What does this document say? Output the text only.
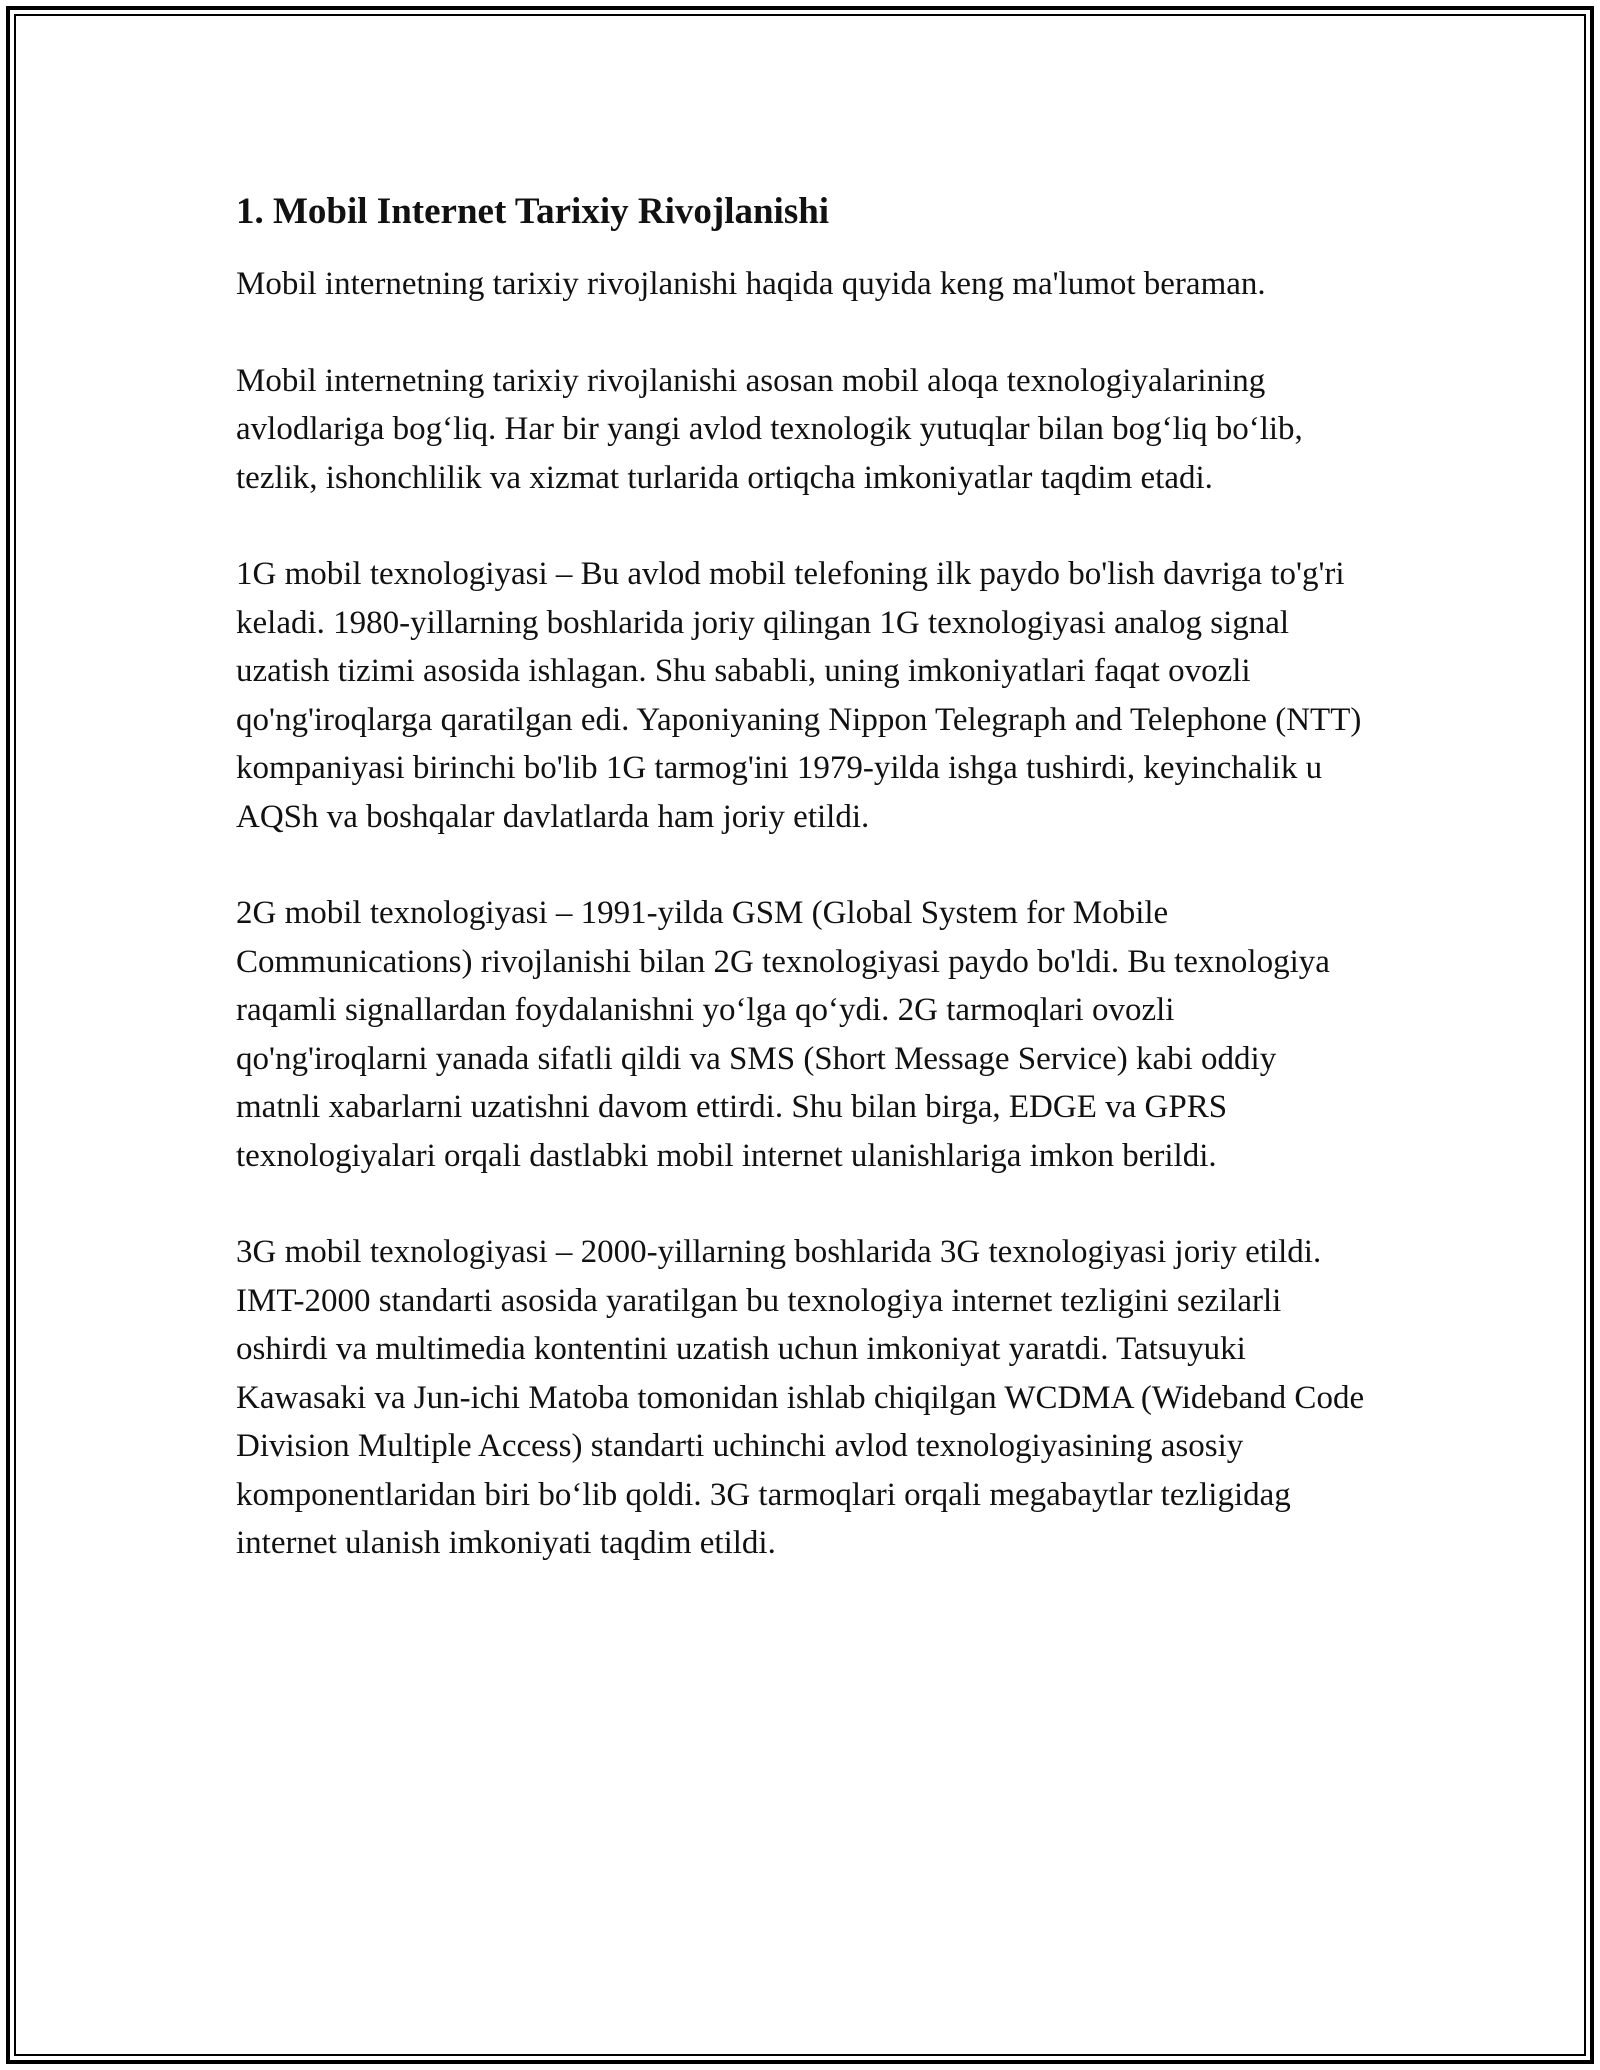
1. Mobil Internet Tarixiy Rivojlanishi

Mobil internetning tarixiy rivojlanishi haqida quyida keng ma'lumot beraman.

Mobil internetning tarixiy rivojlanishi asosan mobil aloqa texnologiyalarining avlodlariga bog‘liq. Har bir yangi avlod texnologik yutuqlar bilan bog‘liq bo‘lib, tezlik, ishonchlilik va xizmat turlarida ortiqcha imkoniyatlar taqdim etadi.

1G mobil texnologiyasi – Bu avlod mobil telefoning ilk paydo bo'lish davriga to'g'ri keladi. 1980-yillarning boshlarida joriy qilingan 1G texnologiyasi analog signal uzatish tizimi asosida ishlagan. Shu sababli, uning imkoniyatlari faqat ovozli qo'ng'iroqlarga qaratilgan edi. Yaponiyaning Nippon Telegraph and Telephone (NTT) kompaniyasi birinchi bo'lib 1G tarmog'ini 1979-yilda ishga tushirdi, keyinchalik u AQSh va boshqalar davlatlarda ham joriy etildi.

2G mobil texnologiyasi – 1991-yilda GSM (Global System for Mobile Communications) rivojlanishi bilan 2G texnologiyasi paydo bo'ldi. Bu texnologiya raqamli signallardan foydalanishni yo‘lga qo‘ydi. 2G tarmoqlari ovozli qo'ng'iroqlarni yanada sifatli qildi va SMS (Short Message Service) kabi oddiy matnli xabarlarni uzatishni davom ettirdi. Shu bilan birga, EDGE va GPRS texnologiyalari orqali dastlabki mobil internet ulanishlariga imkon berildi.

3G mobil texnologiyasi – 2000-yillarning boshlarida 3G texnologiyasi joriy etildi. IMT-2000 standarti asosida yaratilgan bu texnologiya internet tezligini sezilarli oshirdi va multimedia kontentini uzatish uchun imkoniyat yaratdi. Tatsuyuki Kawasaki va Jun-ichi Matoba tomonidan ishlab chiqilgan WCDMA (Wideband Code Division Multiple Access) standarti uchinchi avlod texnologiyasining asosiy komponentlaridan biri bo‘lib qoldi. 3G tarmoqlari orqali megabaytlar tezligidag internet ulanish imkoniyati taqdim etildi.
